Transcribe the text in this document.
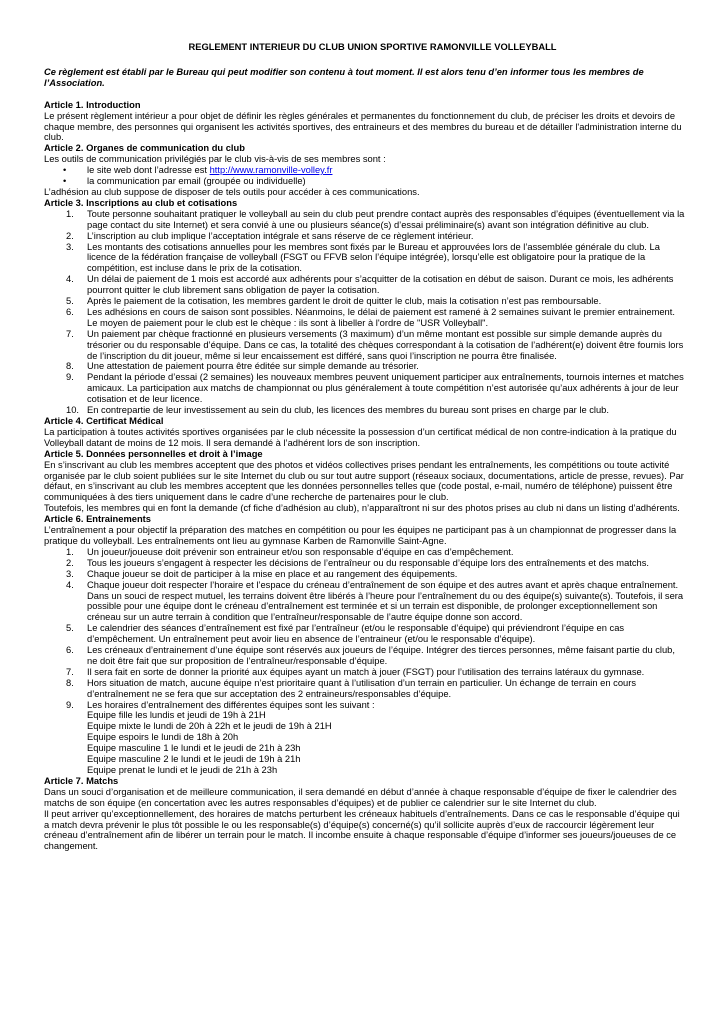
REGLEMENT INTERIEUR DU CLUB UNION SPORTIVE RAMONVILLE VOLLEYBALL

Ce règlement est établi par le Bureau qui peut modifier son contenu à tout moment. Il est alors tenu d’en informer tous les membres de l’Association.

Article 1. Introduction

Le présent règlement intérieur a pour objet de définir les règles générales et permanentes du fonctionnement du club, de préciser les droits et devoirs de chaque membre, des personnes qui organisent les activités sportives, des entraineurs et des membres du bureau et de détailler l'administration interne du club.

Article 2. Organes de communication du club

Les outils de communication privilégiés par le club vis-à-vis de ses membres sont :

• le site web dont l’adresse est http://www.ramonville-volley.fr
• la communication par email (groupée ou individuelle)

L’adhésion au club suppose de disposer de tels outils pour accéder à ces communications.

Article 3. Inscriptions au club et cotisations
1. Toute personne souhaitant pratiquer le volleyball au sein du club peut prendre contact auprès des responsables d’équipes (éventuellement via la page contact du site Internet) et sera convié à une ou plusieurs séance(s) d’essai préliminaire(s) avant son intégration définitive au club.
2. L’inscription au club implique l’acceptation intégrale et sans réserve de ce règlement intérieur.
3. Les montants des cotisations annuelles pour les membres sont fixés par le Bureau et approuvées lors de l’assemblée générale du club. La licence de la fédération française de volleyball (FSGT ou FFVB selon l’équipe intégrée), lorsqu’elle est obligatoire pour la pratique de la compétition, est incluse dans le prix de la cotisation.
4. Un délai de paiement de 1 mois est accordé aux adhérents pour s’acquitter de la cotisation en début de saison. Durant ce mois, les adhérents pourront quitter le club librement sans obligation de payer la cotisation.
5. Après le paiement de la cotisation, les membres gardent le droit de quitter le club, mais la cotisation n’est pas remboursable.
6. Les adhésions en cours de saison sont possibles. Néanmoins, le délai de paiement est ramené à 2 semaines suivant le premier entrainement. Le moyen de paiement pour le club est le chèque : ils sont à libeller à l'ordre de "USR Volleyball".
7. Un paiement par chèque fractionné en plusieurs versements (3 maximum) d’un même montant est possible sur simple demande auprès du trésorier ou du responsable d’équipe. Dans ce cas, la totalité des chèques correspondant à la cotisation de l’adhérent(e) doivent être fournis lors de l’inscription du dit joueur, même si leur encaissement est différé, sans quoi l’inscription ne pourra être finalisée.
8. Une attestation de paiement pourra être éditée sur simple demande au trésorier.
9. Pendant la période d’essai (2 semaines) les nouveaux membres peuvent uniquement participer aux entraînements, tournois internes et matches amicaux. La participation aux matchs de championnat ou plus généralement à toute compétition n’est autorisée qu’aux adhérents à jour de leur cotisation et de leur licence.
10. En contrepartie de leur investissement au sein du club, les licences des membres du bureau sont prises en charge par le club.
Article 4. Certificat Médical

La participation à toutes activités sportives organisées par le club nécessite la possession d’un certificat médical de non contre-indication à la pratique du Volleyball datant de moins de 12 mois. Il sera demandé à l’adhérent lors de son inscription.

Article 5. Données personnelles et droit à l’image

En s’inscrivant au club les membres acceptent que des photos et vidéos collectives prises pendant les entraînements, les compétitions ou toute activité organisée par le club soient publiées sur le site Internet du club ou sur tout autre support (réseaux sociaux, documentations, article de presse, revues). Par défaut, en s’inscrivant au club les membres acceptent que les données personnelles telles que (code postal, e-mail, numéro de téléphone) puissent être communiquées à des tiers uniquement dans le cadre d’une recherche de partenaires pour le club.

Toutefois, les membres qui en font la demande (cf fiche d’adhésion au club), n’apparaîtront ni sur des photos prises au club ni dans un listing d’adhérents.

Article 6. Entrainements

L’entraînement a pour objectif la préparation des matches en compétition ou pour les équipes ne participant pas à un championnat de progresser dans la pratique du volleyball. Les entraînements ont lieu au gymnase Karben de Ramonville Saint-Agne.

1. Un joueur/joueuse doit prévenir son entraineur et/ou son responsable d’équipe en cas d’empêchement.
2. Tous les joueurs s’engagent à respecter les décisions de l’entraîneur ou du responsable d’équipe lors des entraînements et des matchs.
3. Chaque joueur se doit de participer à la mise en place et au rangement des équipements.
4. Chaque joueur doit respecter l’horaire et l’espace du créneau d’entraînement de son équipe et des autres avant et après chaque entraînement. Dans un souci de respect mutuel, les terrains doivent être libérés à l’heure pour l’entraînement du ou des équipe(s) suivante(s). Toutefois, il sera possible pour une équipe dont le créneau d’entraînement est terminée et si un terrain est disponible, de prolonger exceptionnellement son créneau sur un autre terrain à condition que l’entraîneur/responsable de l’autre équipe donne son accord.
5. Le calendrier des séances d’entraînement est fixé par l’entraîneur (et/ou le responsable d’équipe) qui préviendront l’équipe en cas d’empêchement. Un entraînement peut avoir lieu en absence de l’entraineur (et/ou le responsable d’équipe).
6. Les créneaux d’entrainement d’une équipe sont réservés aux joueurs de l’équipe. Intégrer des tierces personnes, même faisant partie du club, ne doit être fait que sur proposition de l’entraîneur/responsable d’équipe.
7. Il sera fait en sorte de donner la priorité aux équipes ayant un match à jouer (FSGT) pour l’utilisation des terrains latéraux du gymnase.
8. Hors situation de match, aucune équipe n’est prioritaire quant à l’utilisation d’un terrain en particulier. Un échange de terrain en cours d’entraînement ne se fera que sur acceptation des 2 entraineurs/responsables d’équipe.
9. Les horaires d’entraînement des différentes équipes sont les suivant :
Equipe fille les lundis et jeudi de 19h à 21H
Equipe mixte le lundi de 20h à 22h et le jeudi de 19h à 21H
Equipe espoirs le lundi de 18h à 20h
Equipe masculine 1 le lundi et le jeudi de 21h à 23h
Equipe masculine 2 le lundi et le jeudi de 19h à 21h
Equipe prenat le lundi et le jeudi de 21h à 23h
Article 7. Matchs

Dans un souci d’organisation et de meilleure communication, il sera demandé en début d’année à chaque responsable d’équipe de fixer le calendrier des matchs de son équipe (en concertation avec les autres responsables d’équipes) et de publier ce calendrier sur le site Internet du club.

Il peut arriver qu’exceptionnellement, des horaires de matchs perturbent les créneaux habituels d’entraînements. Dans ce cas le responsable d’équipe qui a match devra prévenir le plus tôt possible le ou les responsable(s) d’équipe(s) concerné(s) qu’il sollicite auprès d’eux de raccourcir légèrement leur créneau d’entraînement afin de libérer un terrain pour le match. Il incombe ensuite à chaque responsable d’équipe d’informer ses joueurs/joueuses de ce changement.
